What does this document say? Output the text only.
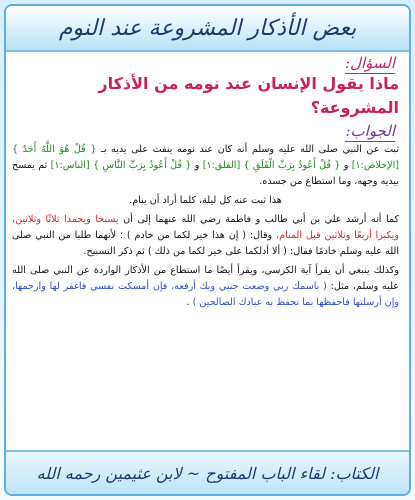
بعض الأذكار المشروعة عند النوم
السؤال:
ماذا يقول الإنسان عند نومه من الأذكار المشروعة؟
الجواب:

ثبت عن النبي صلى الله عليه وسلم أنه كان عند نومه ينفث على يديه بـ { قُلْ هُوَ اللَّهُ أَحَدٌ } [الإخلاص:١] و { قُلْ أَعُوذُ بِرَبِّ الْفَلَقِ } [الفلق:١] و { قُلْ أَعُوذُ بِرَبِّ النَّاسِ } [الناس:١] ثم يمسح بيديه وجهه، وما استطاع من جسده.

هذا ثبت عنه كل ليلة، كلما أراد أن ينام.

كما أنه أرشد علي بن أبي طالب و فاطمة رضي الله عنهما إلى أن يسبحا ويحمدا ثلاثًا وثلاثين، ويكبرا أربعًا وثلاثين قبل المنام، وقال: ( إن هذا خير لكما من خادم ) ؛ لأنهما طلبا من النبي صلى الله عليه وسلم خادمًا فقال: ( ألا أدلكما على خير لكما من ذلك ) ثم ذكر التسبيح.

وكذلك ينبغي أن يقرأ آية الكرسي، ويقرأ أيضًا ما استطاع من الأذكار الواردة عن النبي صلى الله عليه وسلم، مثل: ( باسمك ربي وضعت جنبي وبك أرفعه، فإن أمسكت نفسي فاغفر لها وارحمها، وإن أرسلتها فاحفظها بما تحفظ به عبادك الصالحين ) .

الكتاب: لقاء الباب المفتوح ~ لابن عثيمين رحمه الله
